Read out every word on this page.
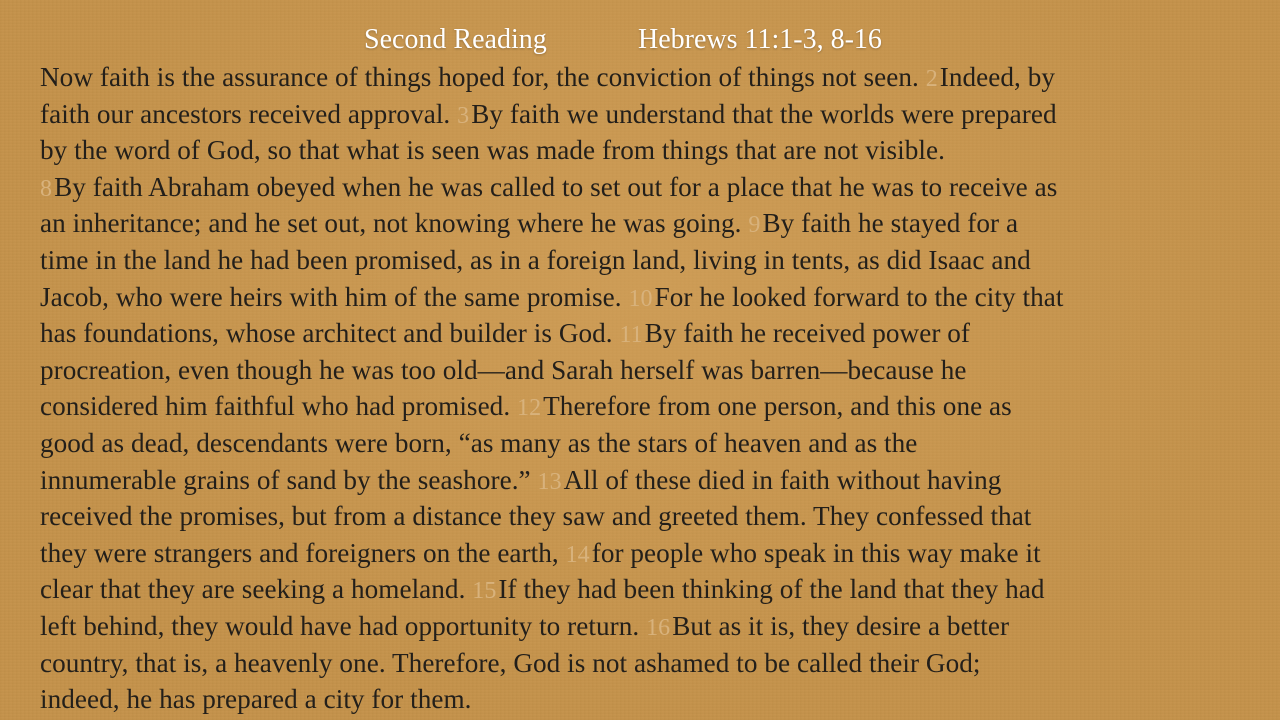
Second Reading	Hebrews 11:1-3, 8-16
Now faith is the assurance of things hoped for, the conviction of things not seen. 2Indeed, by
faith our ancestors received approval. 3By faith we understand that the worlds were prepared
by the word of God, so that what is seen was made from things that are not visible.
8By faith Abraham obeyed when he was called to set out for a place that he was to receive as
an inheritance; and he set out, not knowing where he was going. 9By faith he stayed for a
time in the land he had been promised, as in a foreign land, living in tents, as did Isaac and
Jacob, who were heirs with him of the same promise. 10For he looked forward to the city that
has foundations, whose architect and builder is God. 11By faith he received power of
procreation, even though he was too old—and Sarah herself was barren—because he
considered him faithful who had promised. 12Therefore from one person, and this one as
good as dead, descendants were born, “as many as the stars of heaven and as the
innumerable grains of sand by the seashore.” 13All of these died in faith without having
received the promises, but from a distance they saw and greeted them. They confessed that
they were strangers and foreigners on the earth, 14for people who speak in this way make it
clear that they are seeking a homeland. 15If they had been thinking of the land that they had
left behind, they would have had opportunity to return. 16But as it is, they desire a better
country, that is, a heavenly one. Therefore, God is not ashamed to be called their God;
indeed, he has prepared a city for them.
